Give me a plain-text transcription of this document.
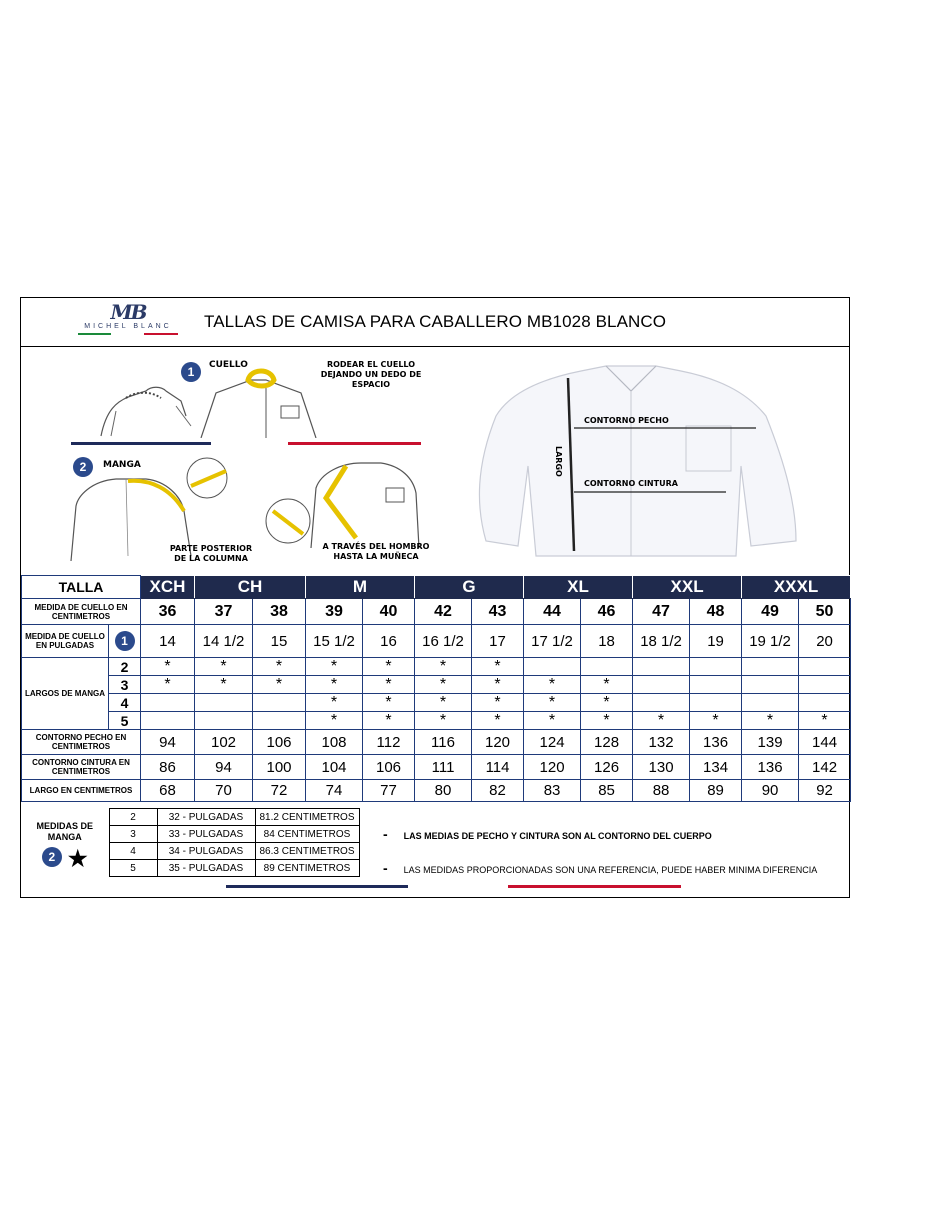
MB
MICHEL BLANC	TALLAS DE CAMISA PARA CABALLERO MB1028 BLANCO
1	CUELLO	RODEAR EL CUELLO
DEJANDO UN DEDO DE ESPACIO
2	MANGA
PARTE POSTERIOR
DE LA COLUMNA
A TRAVÉS DEL HOMBRO
HASTA LA MUÑECA
CONTORNO PECHO
CONTORNO CINTURA
LARGO
TALLA		XCH	CH		M		G		XL		XXL		XXXL	
MEDIDA DE CUELLO EN CENTIMETROS		36	37	38	39	40	42	43	44	46	47	48	49	50
MEDIDA DE CUELLO EN PULGADAS	1	14	14 1/2	15	15 1/2	16	16 1/2	17	17 1/2	18	18 1/2	19	19 1/2	20
LARGOS DE MANGA	2	*	*	*	*	*	*	*						
	3	*	*	*	*	*	*	*	*	*				
	4				*	*	*	*	*	*				
	5				*	*	*	*	*	*	*	*	*	*
CONTORNO PECHO EN CENTIMETROS		94	102	106	108	112	116	120	124	128	132	136	139	144
CONTORNO CINTURA EN CENTIMETROS		86	94	100	104	106	111	114	120	126	130	134	136	142
LARGO EN CENTIMETROS		68	70	72	74	77	80	82	83	85	88	89	90	92
MEDIDAS DE MANGA
2 ★	2	32 - PULGADAS	81.2 CENTIMETROS
	3	33 - PULGADAS	84 CENTIMETROS
	4	34 - PULGADAS	86.3 CENTIMETROS
	5	35 - PULGADAS	89 CENTIMETROS
- LAS MEDIAS DE PECHO Y CINTURA SON AL CONTORNO DEL CUERPO
- LAS MEDIDAS PROPORCIONADAS SON UNA REFERENCIA, PUEDE HABER MINIMA DIFERENCIA
